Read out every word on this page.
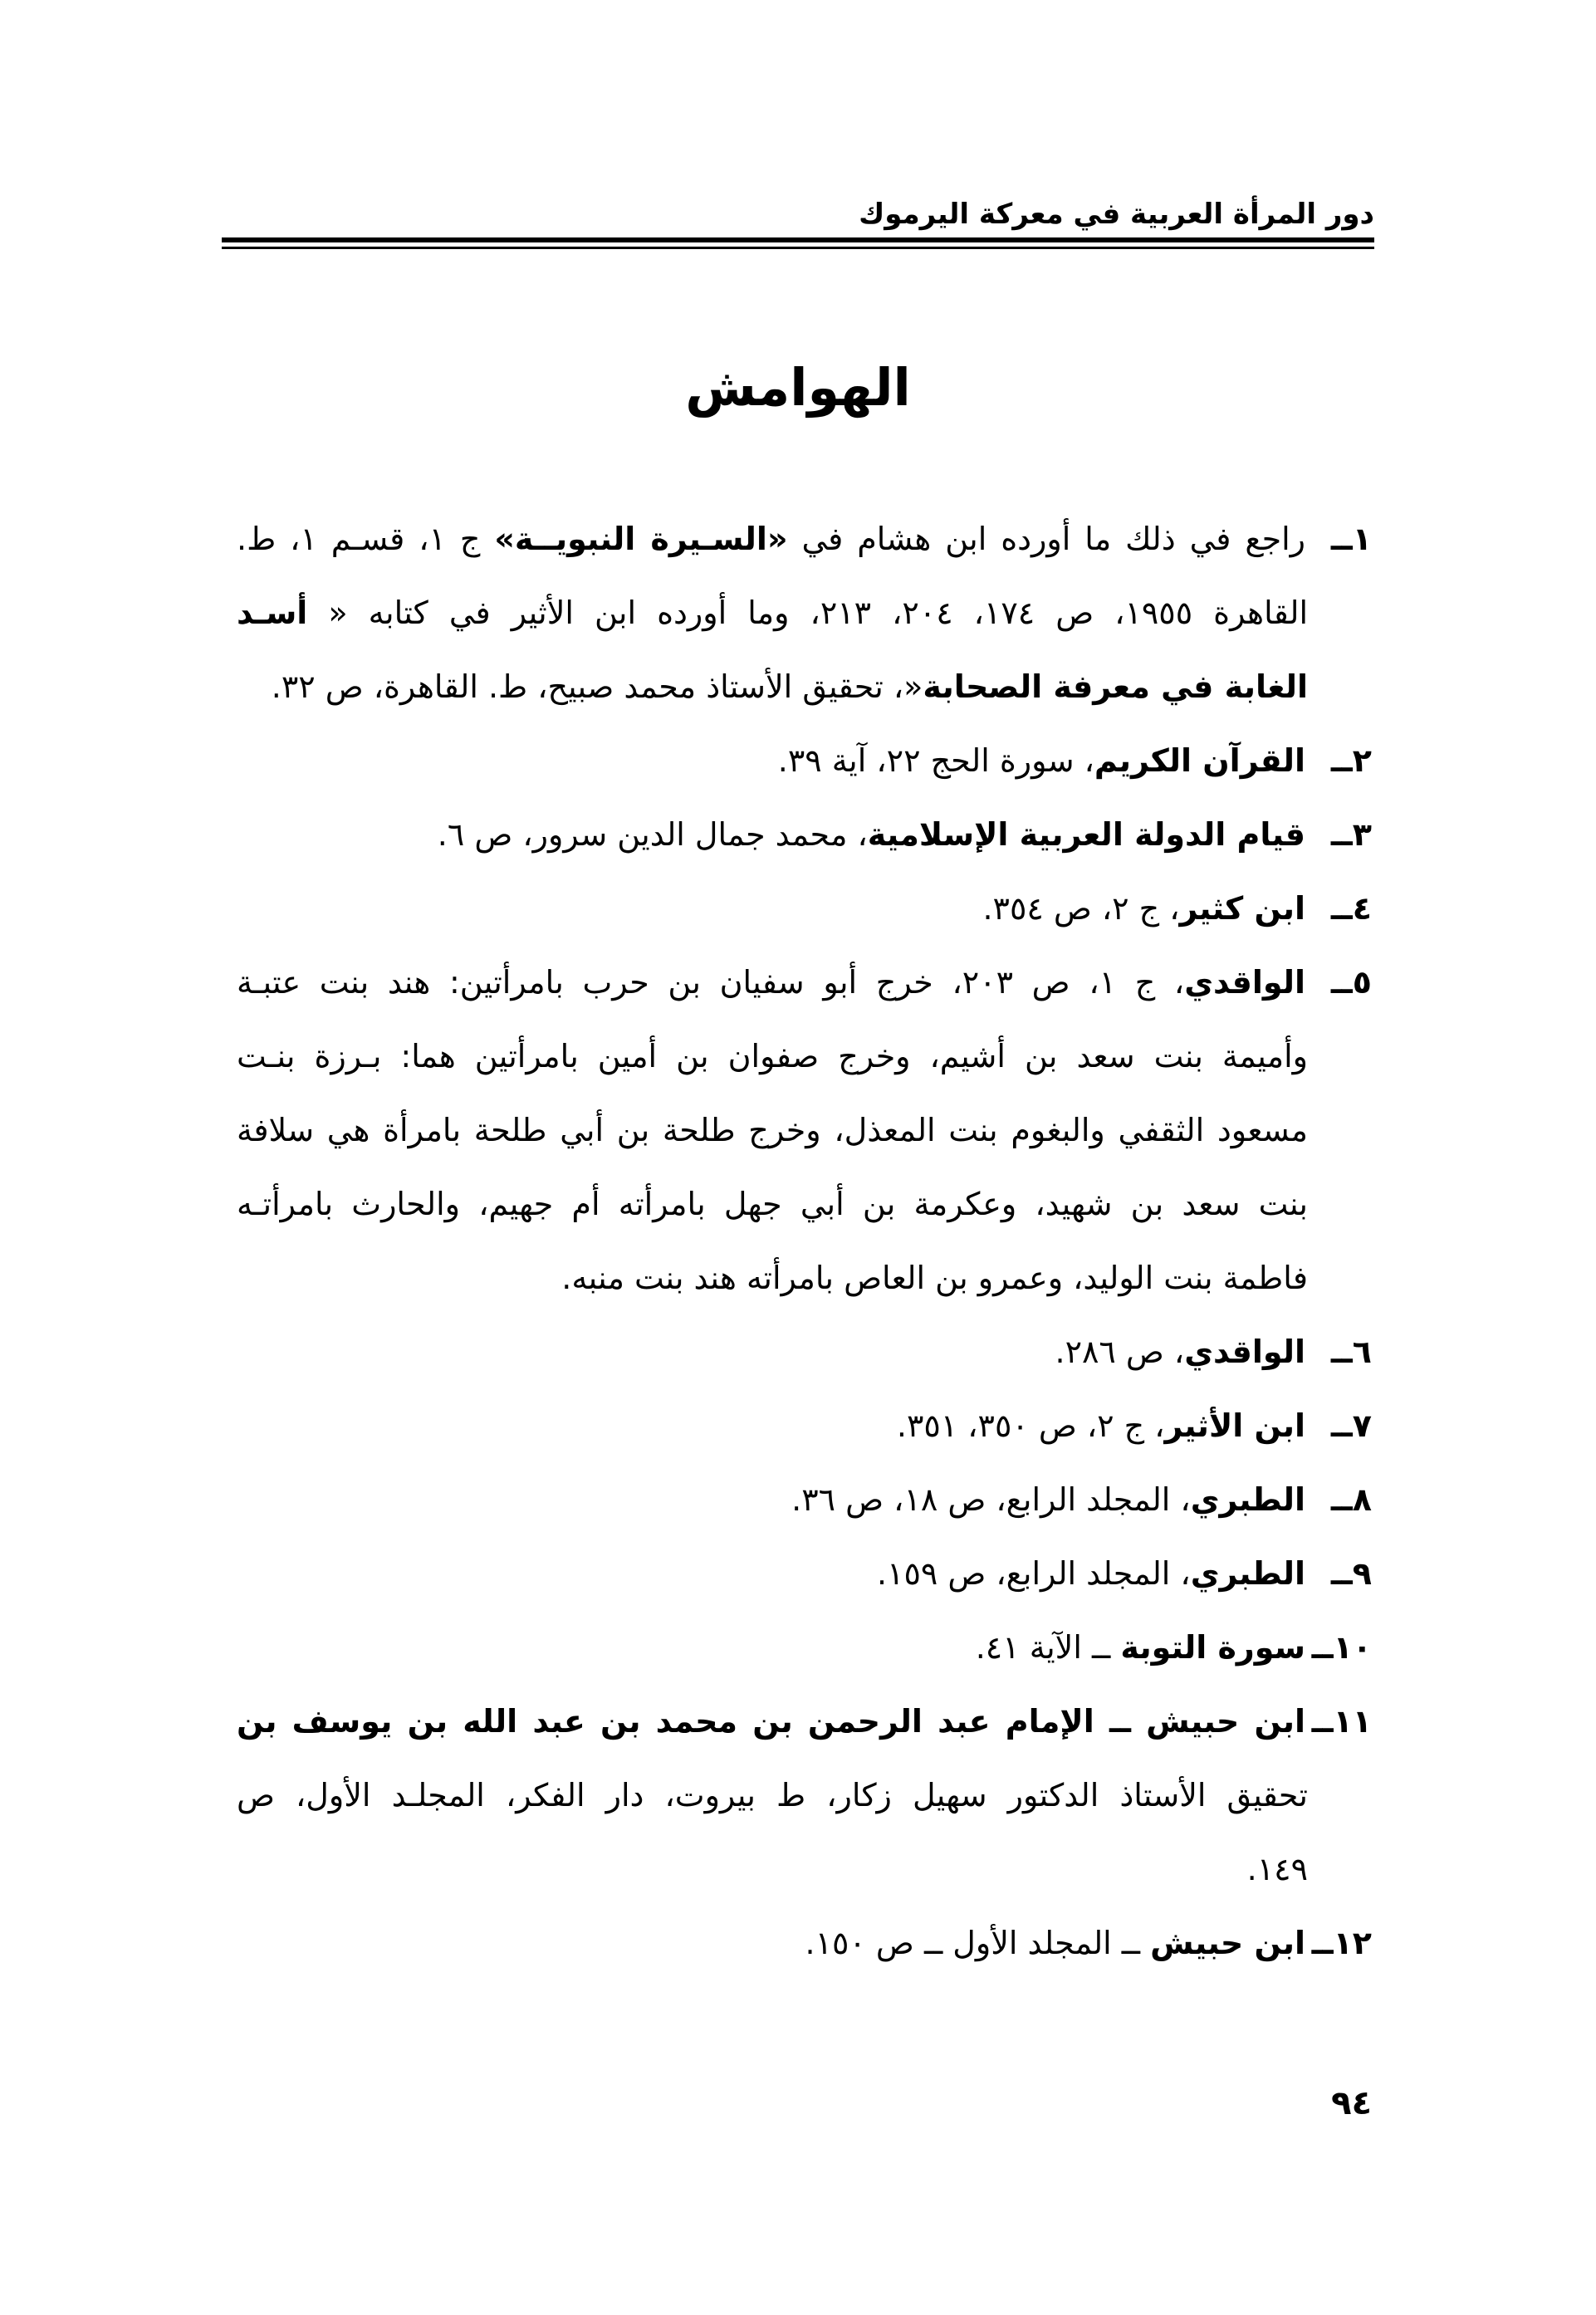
دور المرأة العربية في معركة اليرموك
الهوامش
١ــ
راجع في ذلك ما أورده ابن هشام في «السـيرة النبويــة» ج ١، قسـم ١، ط.
القاهرة ١٩٥٥، ص ١٧٤، ٢٠٤، ٢١٣، وما أورده ابن الأثير في كتابه « أسـد
الغابة في معرفة الصحابة«، تحقيق الأستاذ محمد صبيح، ط. القاهرة، ص ٣٢.
٢ــ
القرآن الكريم، سورة الحج ٢٢، آية ٣٩.
٣ــ
قيام الدولة العربية الإسلامية، محمد جمال الدين سرور، ص ٦.
٤ــ
ابن كثير، ج ٢، ص ٣٥٤.
٥ــ
الواقدي، ج ١، ص ٢٠٣، خرج أبو سفيان بن حرب بامرأتين: هند بنت عتبـة
وأميمة بنت سعد بن أشيم، وخرج صفوان بن أمين بامرأتين هما: بـرزة بنـت
مسعود الثقفي والبغوم بنت المعذل، وخرج طلحة بن أبي طلحة بامرأة هي سلافة
بنت سعد بن شهيد، وعكرمة بن أبي جهل بامرأته أم جهيم، والحارث بامرأتـه
فاطمة بنت الوليد، وعمرو بن العاص بامرأته هند بنت منبه.
٦ــ
الواقدي، ص ٢٨٦.
٧ــ
ابن الأثير، ج ٢، ص ٣٥٠، ٣٥١.
٨ــ
الطبري، المجلد الرابع، ص ١٨، ص ٣٦.
٩ــ
الطبري، المجلد الرابع، ص ١٥٩.
١٠ــ
سورة التوبة ــ الآية ٤١.
١١ــ
ابن حبيش ــ الإمام عبد الرحمن بن محمد بن عبد الله بن يوسف بن
تحقيق الأستاذ الدكتور سهيل زكار، ط بيروت، دار الفكر، المجلـد الأول، ص
١٤٩.
١٢ــ
ابن حبيش ــ المجلد الأول ــ ص ١٥٠.
٩٤
